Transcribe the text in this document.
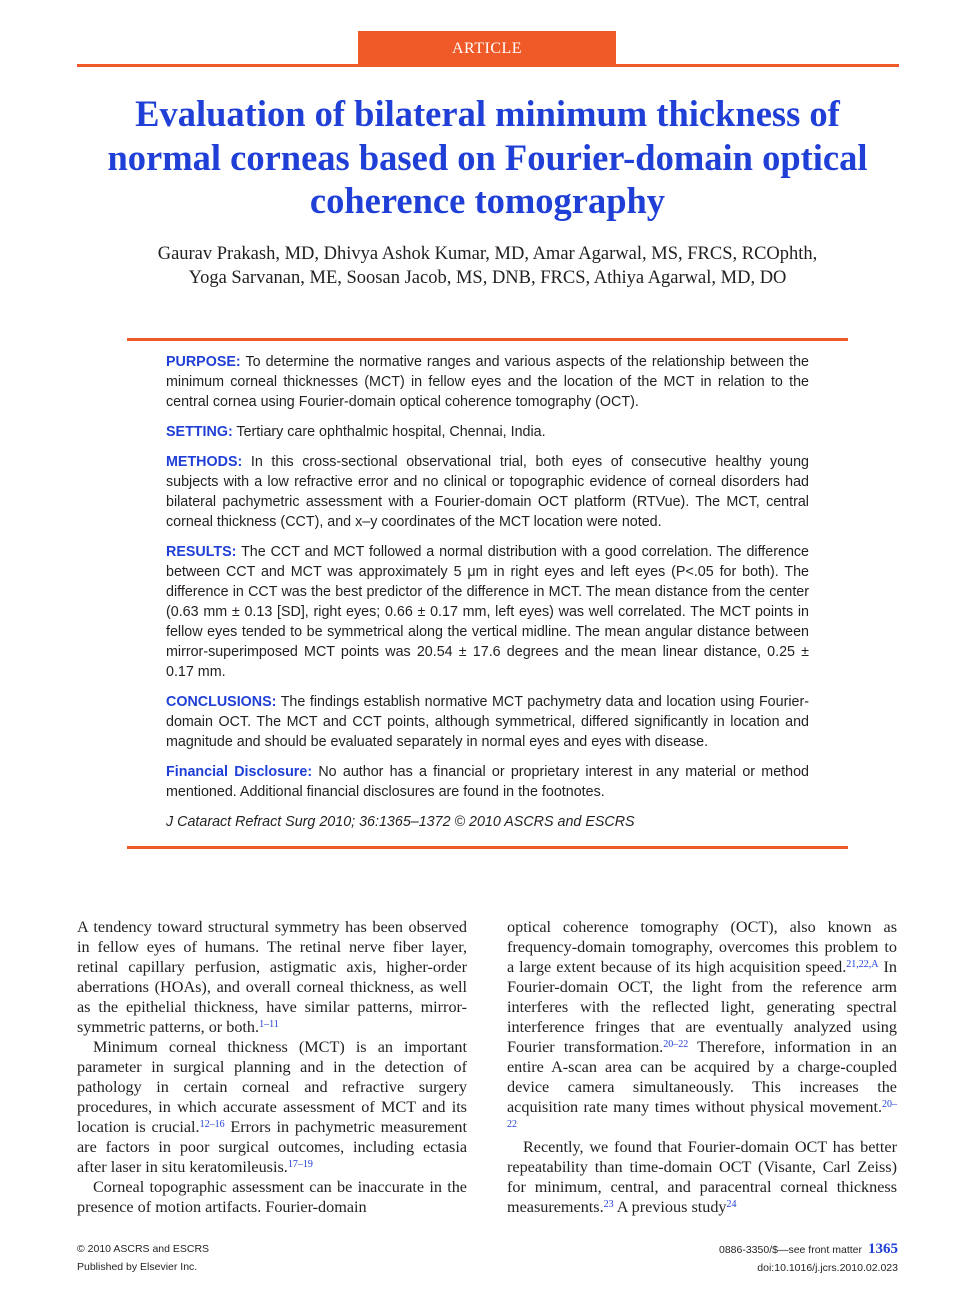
ARTICLE
Evaluation of bilateral minimum thickness of normal corneas based on Fourier-domain optical coherence tomography
Gaurav Prakash, MD, Dhivya Ashok Kumar, MD, Amar Agarwal, MS, FRCS, RCOphth,
Yoga Sarvanan, ME, Soosan Jacob, MS, DNB, FRCS, Athiya Agarwal, MD, DO

PURPOSE: To determine the normative ranges and various aspects of the relationship between the minimum corneal thicknesses (MCT) in fellow eyes and the location of the MCT in relation to the central cornea using Fourier-domain optical coherence tomography (OCT).

SETTING: Tertiary care ophthalmic hospital, Chennai, India.

METHODS: In this cross-sectional observational trial, both eyes of consecutive healthy young subjects with a low refractive error and no clinical or topographic evidence of corneal disorders had bilateral pachymetric assessment with a Fourier-domain OCT platform (RTVue). The MCT, central corneal thickness (CCT), and x–y coordinates of the MCT location were noted.

RESULTS: The CCT and MCT followed a normal distribution with a good correlation. The difference between CCT and MCT was approximately 5 μm in right eyes and left eyes (P<.05 for both). The difference in CCT was the best predictor of the difference in MCT. The mean distance from the center (0.63 mm ± 0.13 [SD], right eyes; 0.66 ± 0.17 mm, left eyes) was well correlated. The MCT points in fellow eyes tended to be symmetrical along the vertical midline. The mean angular distance between mirror-superimposed MCT points was 20.54 ± 17.6 degrees and the mean linear distance, 0.25 ± 0.17 mm.

CONCLUSIONS: The findings establish normative MCT pachymetry data and location using Fourier-domain OCT. The MCT and CCT points, although symmetrical, differed significantly in location and magnitude and should be evaluated separately in normal eyes and eyes with disease.

Financial Disclosure: No author has a financial or proprietary interest in any material or method mentioned. Additional financial disclosures are found in the footnotes.

J Cataract Refract Surg 2010; 36:1365–1372 © 2010 ASCRS and ESCRS

A tendency toward structural symmetry has been observed in fellow eyes of humans. The retinal nerve fiber layer, retinal capillary perfusion, astigmatic axis, higher-order aberrations (HOAs), and overall corneal thickness, as well as the epithelial thickness, have similar patterns, mirror-symmetric patterns, or both.$^{1-11}$

Minimum corneal thickness (MCT) is an important parameter in surgical planning and in the detection of pathology in certain corneal and refractive surgery procedures, in which accurate assessment of MCT and its location is crucial.$^{12-16}$ Errors in pachymetric measurement are factors in poor surgical outcomes, including ectasia after laser in situ keratomileusis.$^{17-19}$

Corneal topographic assessment can be inaccurate in the presence of motion artifacts. Fourier-domain

optical coherence tomography (OCT), also known as frequency-domain tomography, overcomes this problem to a large extent because of its high acquisition speed.$^{21,22,A}$ In Fourier-domain OCT, the light from the reference arm interferes with the reflected light, generating spectral interference fringes that are eventually analyzed using Fourier transformation.$^{20-22}$ Therefore, information in an entire A-scan area can be acquired by a charge-coupled device camera simultaneously. This increases the acquisition rate many times without physical movement.$^{20-22}$

Recently, we found that Fourier-domain OCT has better repeatability than time-domain OCT (Visante, Carl Zeiss) for minimum, central, and paracentral corneal thickness measurements.$^{23}$ A previous study$^{24}$

© 2010 ASCRS and ESCRS
Published by Elsevier Inc.
0886-3350/$—see front matter 1365
doi:10.1016/j.jcrs.2010.02.023
